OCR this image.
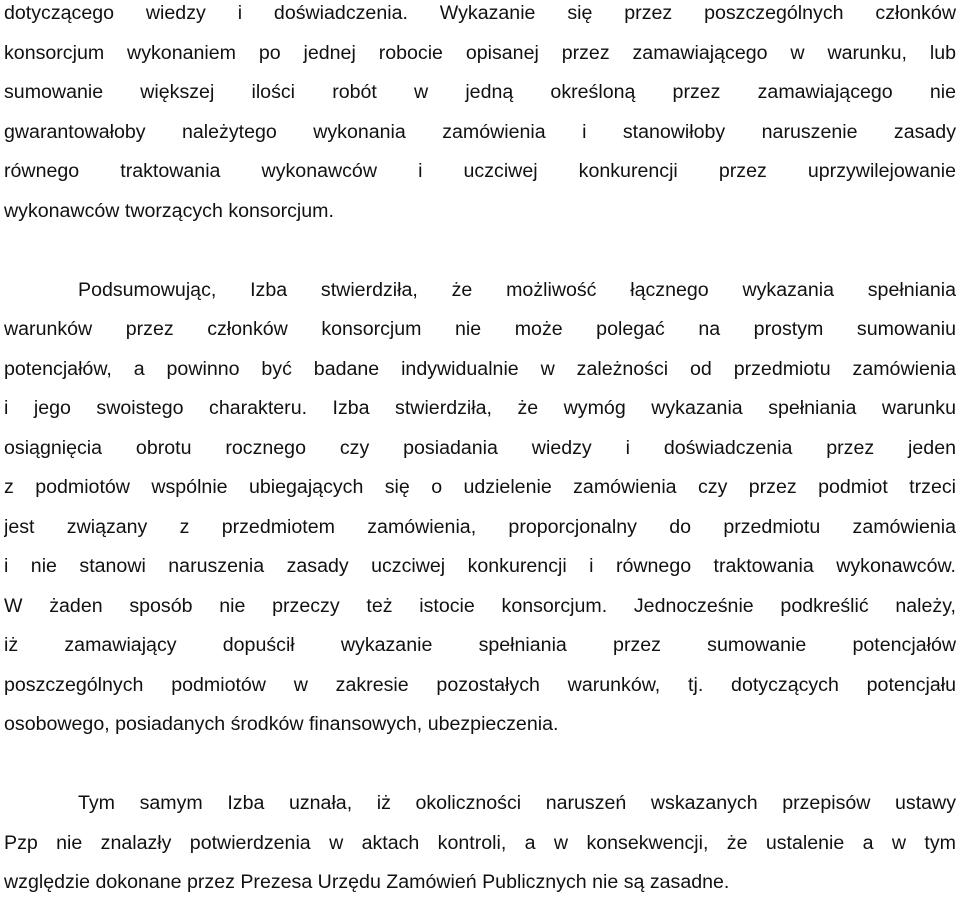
dotyczącego wiedzy i doświadczenia. Wykazanie się przez poszczególnych członków
konsorcjum wykonaniem po jednej robocie opisanej przez zamawiającego w warunku, lub
sumowanie większej ilości robót w jedną określoną przez zamawiającego nie
gwarantowałoby należytego wykonania zamówienia i stanowiłoby naruszenie zasady
równego traktowania wykonawców i uczciwej konkurencji przez uprzywilejowanie
wykonawców tworzących konsorcjum.
Podsumowując, Izba stwierdziła, że możliwość łącznego wykazania spełniania
warunków przez członków konsorcjum nie może polegać na prostym sumowaniu
potencjałów, a powinno być badane indywidualnie w zależności od przedmiotu zamówienia
i jego swoistego charakteru. Izba stwierdziła, że wymóg wykazania spełniania warunku
osiągnięcia obrotu rocznego czy posiadania wiedzy i doświadczenia przez jeden
z podmiotów wspólnie ubiegających się o udzielenie zamówienia czy przez podmiot trzeci
jest związany z przedmiotem zamówienia, proporcjonalny do przedmiotu zamówienia
i nie stanowi naruszenia zasady uczciwej konkurencji i równego traktowania wykonawców.
W żaden sposób nie przeczy też istocie konsorcjum. Jednocześnie podkreślić należy,
iż zamawiający dopuścił wykazanie spełniania przez sumowanie potencjałów
poszczególnych podmiotów w zakresie pozostałych warunków, tj. dotyczących potencjału
osobowego, posiadanych środków finansowych, ubezpieczenia.
Tym samym Izba uznała, iż okoliczności naruszeń wskazanych przepisów ustawy
Pzp nie znalazły potwierdzenia w aktach kontroli, a w konsekwencji, że ustalenie a w tym
względzie dokonane przez Prezesa Urzędu Zamówień Publicznych nie są zasadne.
